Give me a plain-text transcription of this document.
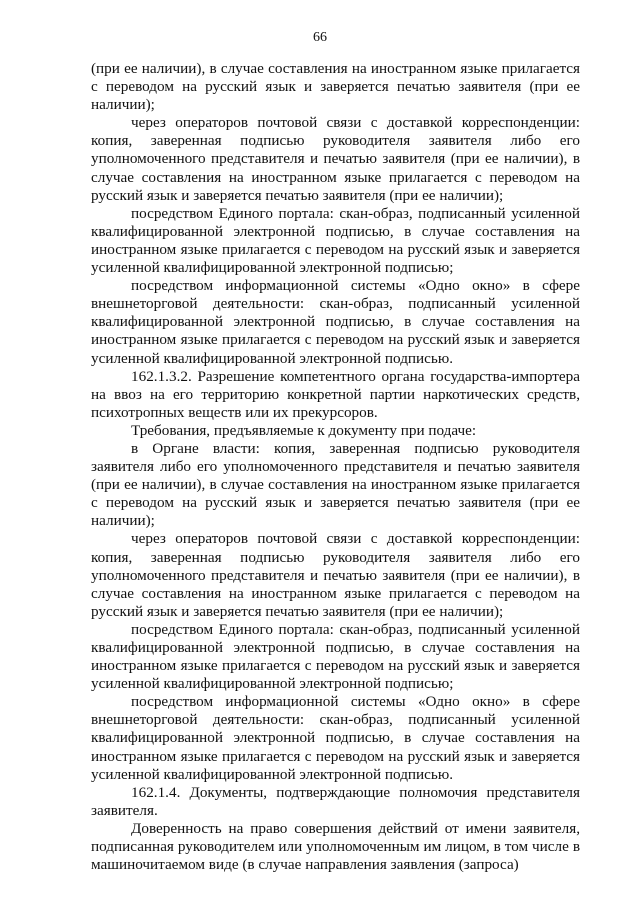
66

(при ее наличии), в случае составления на иностранном языке прилагается с переводом на русский язык и заверяется печатью заявителя (при ее наличии);

через операторов почтовой связи с доставкой корреспонденции: копия, заверенная подписью руководителя заявителя либо его уполномоченного представителя и печатью заявителя (при ее наличии), в случае составления на иностранном языке прилагается с переводом на русский язык и заверяется печатью заявителя (при ее наличии);

посредством Единого портала: скан-образ, подписанный усиленной квалифицированной электронной подписью, в случае составления на иностранном языке прилагается с переводом на русский язык и заверяется усиленной квалифицированной электронной подписью;

посредством информационной системы «Одно окно» в сфере внешнеторговой деятельности: скан-образ, подписанный усиленной квалифицированной электронной подписью, в случае составления на иностранном языке прилагается с переводом на русский язык и заверяется усиленной квалифицированной электронной подписью.

162.1.3.2. Разрешение компетентного органа государства-импортера на ввоз на его территорию конкретной партии наркотических средств, психотропных веществ или их прекурсоров.

Требования, предъявляемые к документу при подаче:

в Органе власти: копия, заверенная подписью руководителя заявителя либо его уполномоченного представителя и печатью заявителя (при ее наличии), в случае составления на иностранном языке прилагается с переводом на русский язык и заверяется печатью заявителя (при ее наличии);

через операторов почтовой связи с доставкой корреспонденции: копия, заверенная подписью руководителя заявителя либо его уполномоченного представителя и печатью заявителя (при ее наличии), в случае составления на иностранном языке прилагается с переводом на русский язык и заверяется печатью заявителя (при ее наличии);

посредством Единого портала: скан-образ, подписанный усиленной квалифицированной электронной подписью, в случае составления на иностранном языке прилагается с переводом на русский язык и заверяется усиленной квалифицированной электронной подписью;

посредством информационной системы «Одно окно» в сфере внешнеторговой деятельности: скан-образ, подписанный усиленной квалифицированной электронной подписью, в случае составления на иностранном языке прилагается с переводом на русский язык и заверяется усиленной квалифицированной электронной подписью.

162.1.4. Документы, подтверждающие полномочия представителя заявителя.

Доверенность на право совершения действий от имени заявителя, подписанная руководителем или уполномоченным им лицом, в том числе в машиночитаемом виде (в случае направления заявления (запроса)
